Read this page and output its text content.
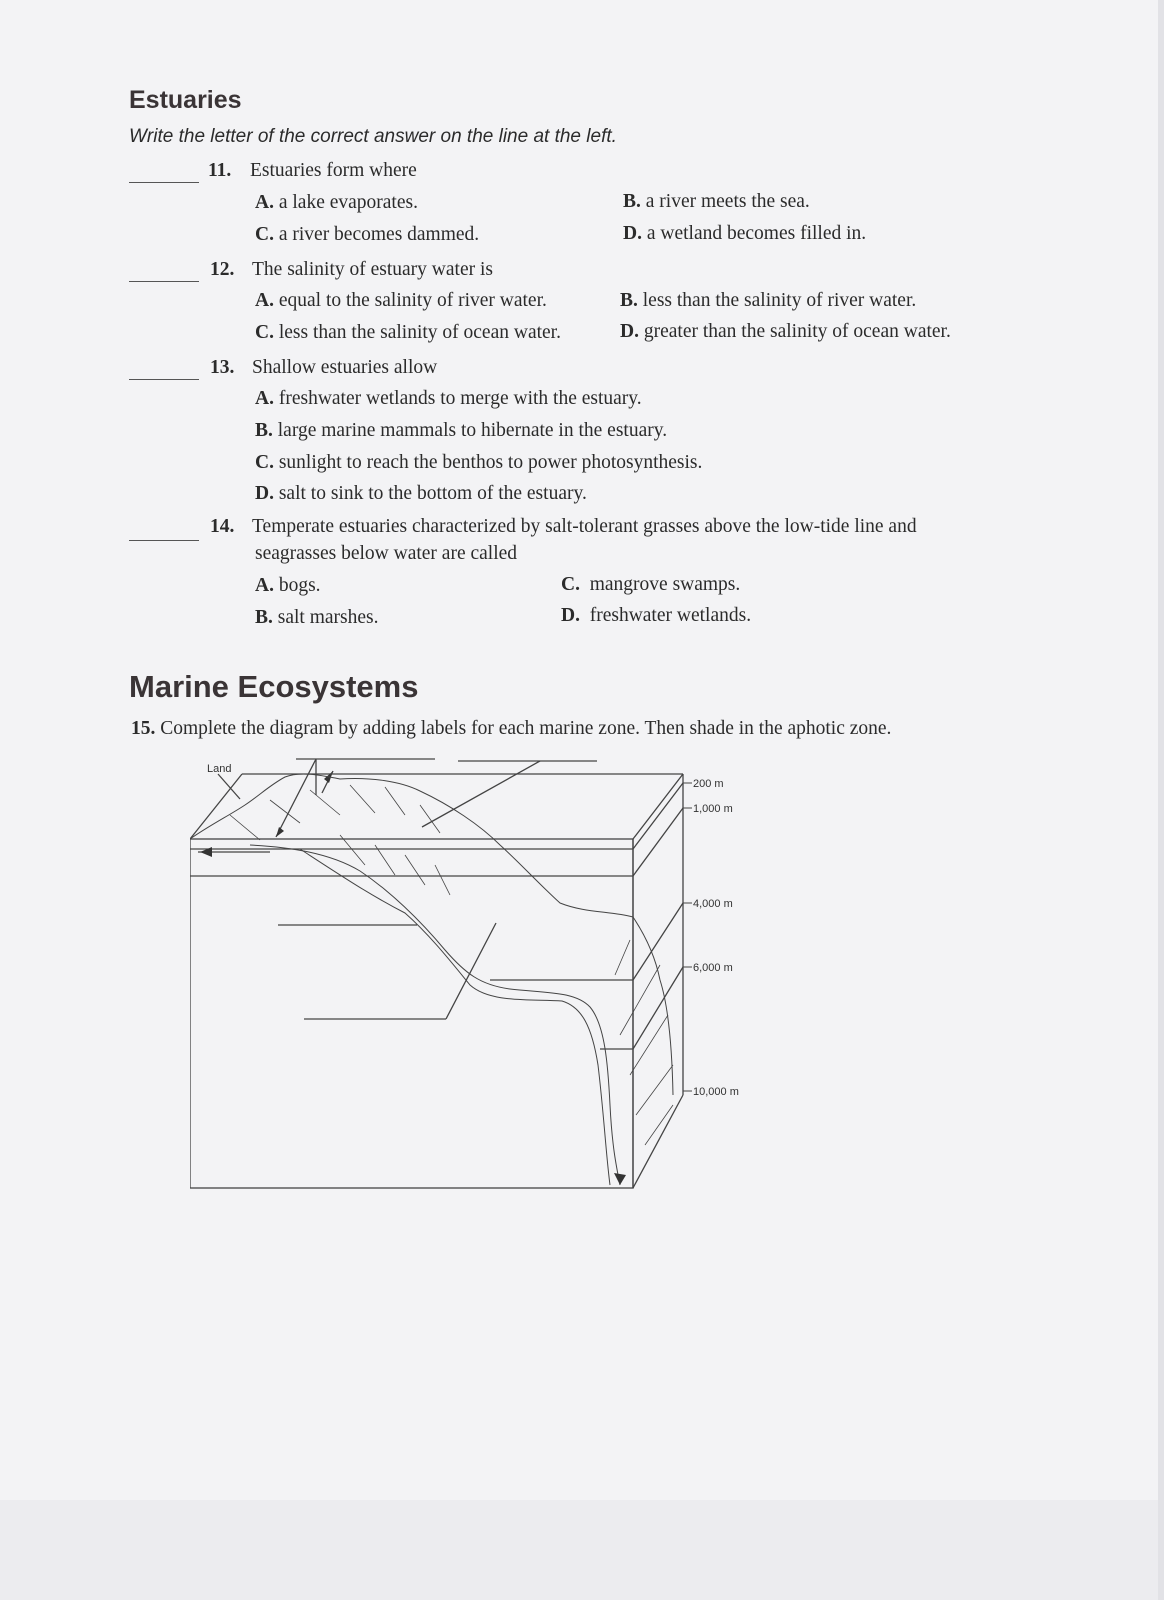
Estuaries
Write the letter of the correct answer on the line at the left.
11. Estuaries form where
A. a lake evaporates.	B. a river meets the sea.
C. a river becomes dammed.	D. a wetland becomes filled in.
12. The salinity of estuary water is
A. equal to the salinity of river water.	B. less than the salinity of river water.
C. less than the salinity of ocean water.	D. greater than the salinity of ocean water.
13. Shallow estuaries allow
A. freshwater wetlands to merge with the estuary.
B. large marine mammals to hibernate in the estuary.
C. sunlight to reach the benthos to power photosynthesis.
D. salt to sink to the bottom of the estuary.
14. Temperate estuaries characterized by salt-tolerant grasses above the low-tide line and
seagrasses below water are called
A. bogs.	C. mangrove swamps.
B. salt marshes.	D. freshwater wetlands.
Marine Ecosystems
15. Complete the diagram by adding labels for each marine zone. Then shade in the aphotic zone.
Land
200 m
1,000 m
4,000 m
6,000 m
10,000 m
